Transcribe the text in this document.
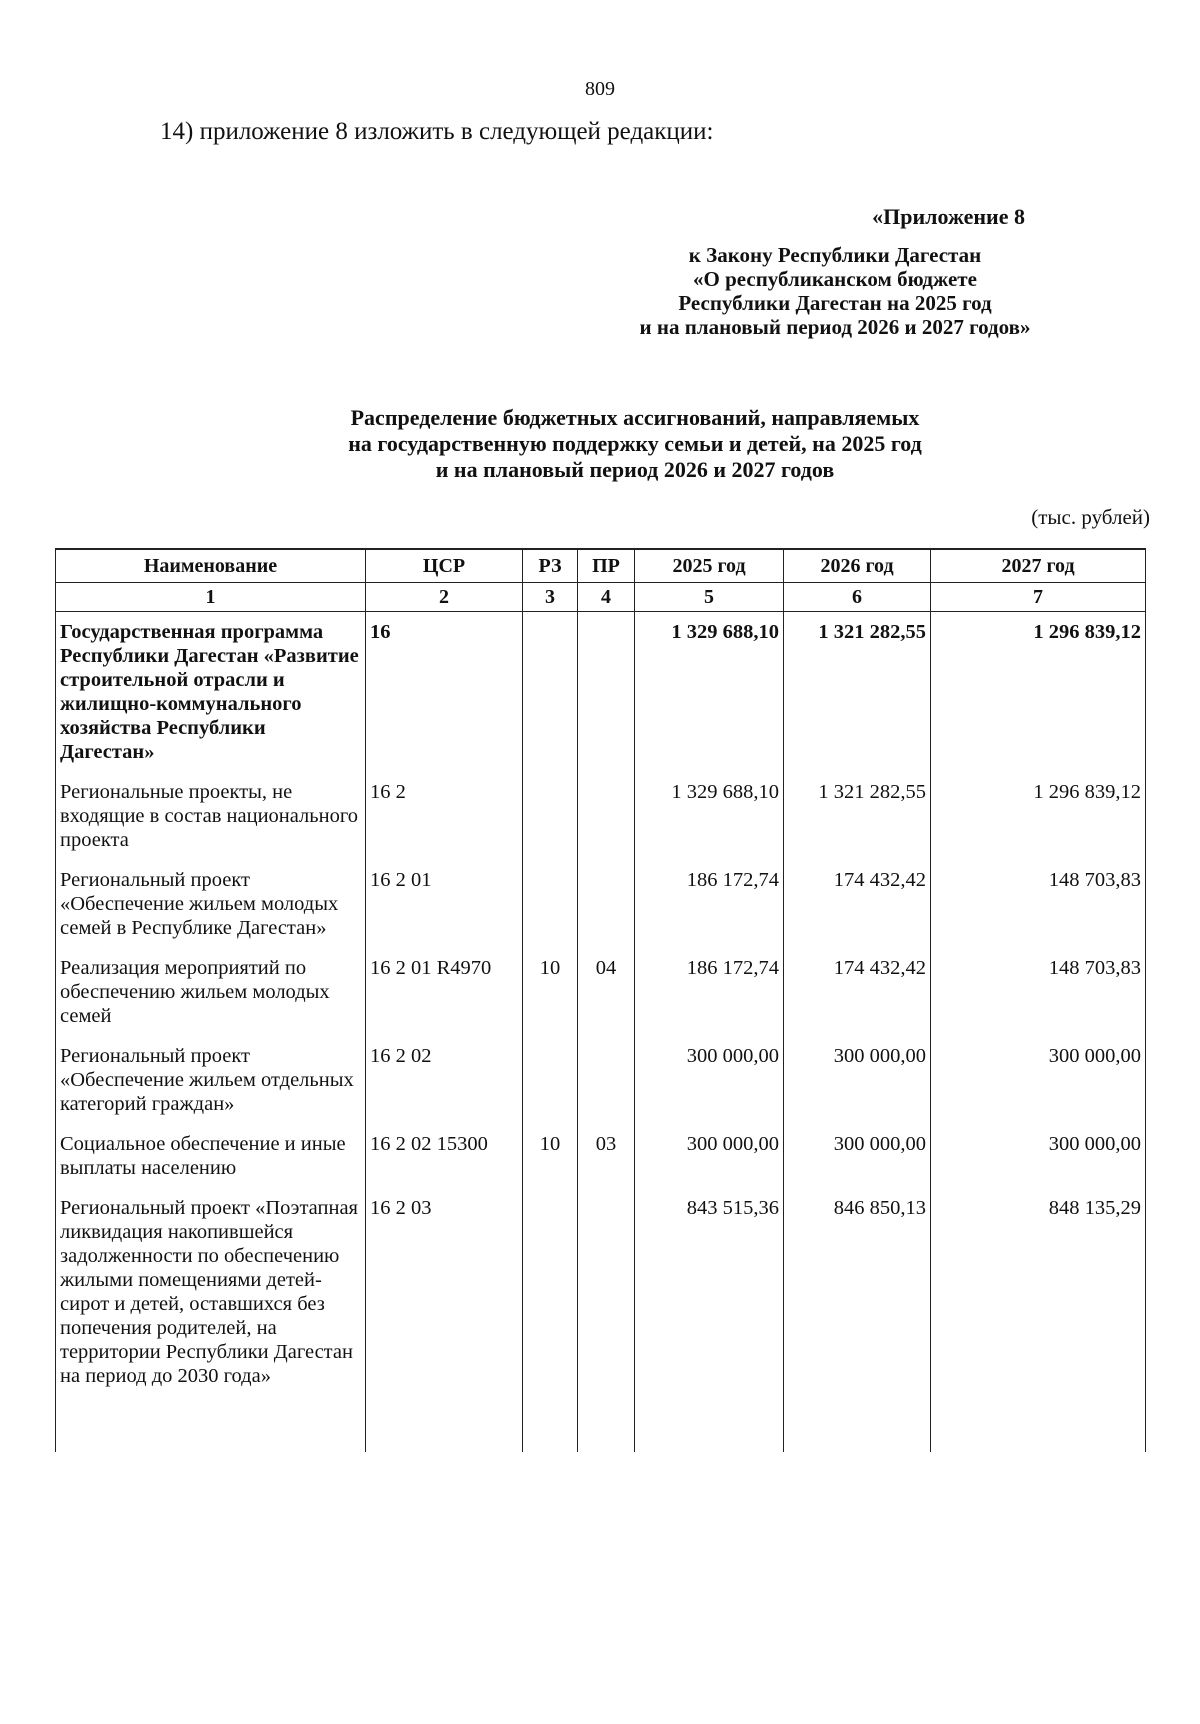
809
14) приложение 8 изложить в следующей редакции:
«Приложение 8
к Закону Республики Дагестан
«О республиканском бюджете
Республики Дагестан на 2025 год
и на плановый период 2026 и 2027 годов»
Распределение бюджетных ассигнований, направляемых
на государственную поддержку семьи и детей, на 2025 год
и на плановый период 2026 и 2027 годов
(тыс. рублей)
Наименование	ЦСР	РЗ	ПР	2025 год	2026 год	2027 год
1	2	3	4	5	6	7
Государственная программа Республики Дагестан «Развитие строительной отрасли и жилищно-коммунального хозяйства Республики Дагестан»	16			1 329 688,10	1 321 282,55	1 296 839,12
Региональные проекты, не входящие в состав национального проекта	16 2			1 329 688,10	1 321 282,55	1 296 839,12
Региональный проект «Обеспечение жильем молодых семей в Республике Дагестан»	16 2 01			186 172,74	174 432,42	148 703,83
Реализация мероприятий по обеспечению жильем молодых семей	16 2 01 R4970	10	04	186 172,74	174 432,42	148 703,83
Региональный проект «Обеспечение жильем отдельных категорий граждан»	16 2 02			300 000,00	300 000,00	300 000,00
Социальное обеспечение и иные выплаты населению	16 2 02 15300	10	03	300 000,00	300 000,00	300 000,00
Региональный проект «Поэтапная ликвидация накопившейся задолженности по обеспечению жилыми помещениями детей-сирот и детей, оставшихся без попечения родителей, на территории Республики Дагестан на период до 2030 года»	16 2 03			843 515,36	846 850,13	848 135,29
